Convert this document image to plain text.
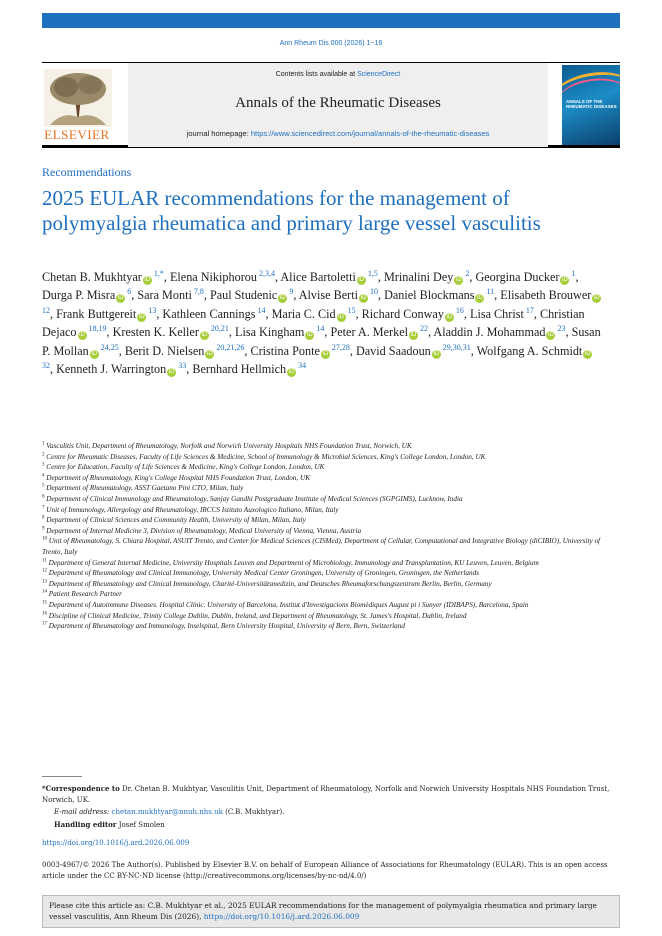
Ann Rheum Dis 000 (2026) 1−16
ELSEVIER
Contents lists available at ScienceDirect
Annals of the Rheumatic Diseases
journal homepage: https://www.sciencedirect.com/journal/annals-of-the-rheumatic-diseases
ANNALS OF THE RHEUMATIC DISEASES
Recommendations
2025 EULAR recommendations for the management of polymyalgia rheumatica and primary large vessel vasculitis
Chetan B. Mukhtyar iD $^{1,*}$, Elena Nikiphorou $^{2,3,4}$, Alice Bartoletti iD $^{1,5}$, Mrinalini Dey iD $^2$, Georgina Ducker iD $^1$, Durga P. Misra iD $^6$, Sara Monti $^{7,8}$, Paul Studenic iD $^9$, Alvise Berti iD $^{10}$, Daniel Blockmans iD $^{11}$, Elisabeth Brouwer iD $^{12}$, Frank Buttgereit iD $^{13}$, Kathleen Cannings $^{14}$, Maria C. Cid iD $^{15}$, Richard Conway iD $^{16}$, Lisa Christ $^{17}$, Christian Dejaco iD $^{18,19}$, Kresten K. Keller iD $^{20,21}$, Lisa Kingham iD $^{14}$, Peter A. Merkel iD $^{22}$, Aladdin J. Mohammad iD $^{23}$, Susan P. Mollan iD $^{24,25}$, Berit D. Nielsen iD $^{20,21,26}$, Cristina Ponte iD $^{27,28}$, David Saadoun iD $^{29,30,31}$, Wolfgang A. Schmidt iD $^{32}$, Kenneth J. Warrington iD $^{33}$, Bernhard Hellmich iD $^{34}$
$^1$ Vasculitis Unit, Department of Rheumatology, Norfolk and Norwich University Hospitals NHS Foundation Trust, Norwich, UK
$^2$ Centre for Rheumatic Diseases, Faculty of Life Sciences & Medicine, School of Immunology & Microbial Sciences, King's College London, London, UK
$^3$ Centre for Education, Faculty of Life Sciences & Medicine, King's College London, London, UK
$^4$ Department of Rheumatology, King's College Hospital NHS Foundation Trust, London, UK
$^5$ Department of Rheumatology, ASST Gaetano Pini CTO, Milan, Italy
$^6$ Department of Clinical Immunology and Rheumatology, Sanjay Gandhi Postgraduate Institute of Medical Sciences (SGPGIMS), Lucknow, India
$^7$ Unit of Immunology, Allergology and Rheumatology, IRCCS Istituto Auxologico Italiano, Milan, Italy
$^8$ Department of Clinical Sciences and Community Health, University of Milan, Milan, Italy
$^9$ Department of Internal Medicine 3, Division of Rheumatology, Medical University of Vienna, Vienna, Austria
$^{10}$ Unit of Rheumatology, S. Chiara Hospital, ASUIT Trento, and Center for Medical Sciences (CISMed), Department of Cellular, Computational and Integrative Biology (diCIBIO), University of Trento, Italy
$^{11}$ Department of General Internal Medicine, University Hospitals Leuven and Department of Microbiology, Immunology and Transplantation, KU Leuven, Leuven, Belgium
$^{12}$ Department of Rheumatology and Clinical Immunology, University Medical Center Groningen, University of Groningen, Groningen, the Netherlands
$^{13}$ Department of Rheumatology and Clinical Immunology, Charité-Universitätsmedizin, and Deutsches Rheumaforschungszentrum Berlin, Berlin, Germany
$^{14}$ Patient Research Partner
$^{15}$ Department of Autoimmune Diseases. Hospital Clínic. University of Barcelona, Institut d'Investigacions Biomèdiques August pi i Sunyer (IDIBAPS), Barcelona, Spain
$^{16}$ Discipline of Clinical Medicine, Trinity College Dublin, Dublin, Ireland, and Department of Rheumatology, St. James's Hospital, Dublin, Ireland
$^{17}$ Department of Rheumatology and Immunology, Inselspital, Bern University Hospital, University of Bern, Bern, Switzerland
*Correspondence to Dr. Chetan B. Mukhtyar, Vasculitis Unit, Department of Rheumatology, Norfolk and Norwich University Hospitals NHS Foundation Trust, Norwich, UK.
E-mail address: chetan.mukhtyar@nnuh.nhs.uk (C.B. Mukhtyar).
Handling editor Josef Smolen
https://doi.org/10.1016/j.ard.2026.06.009
0003-4967/© 2026 The Author(s). Published by Elsevier B.V. on behalf of European Alliance of Associations for Rheumatology (EULAR). This is an open access article under the CC BY-NC-ND license (http://creativecommons.org/licenses/by-nc-nd/4.0/)
Please cite this article as: C.B. Mukhtyar et al., 2025 EULAR recommendations for the management of polymyalgia rheumatica and primary large vessel vasculitis, Ann Rheum Dis (2026), https://doi.org/10.1016/j.ard.2026.06.009
